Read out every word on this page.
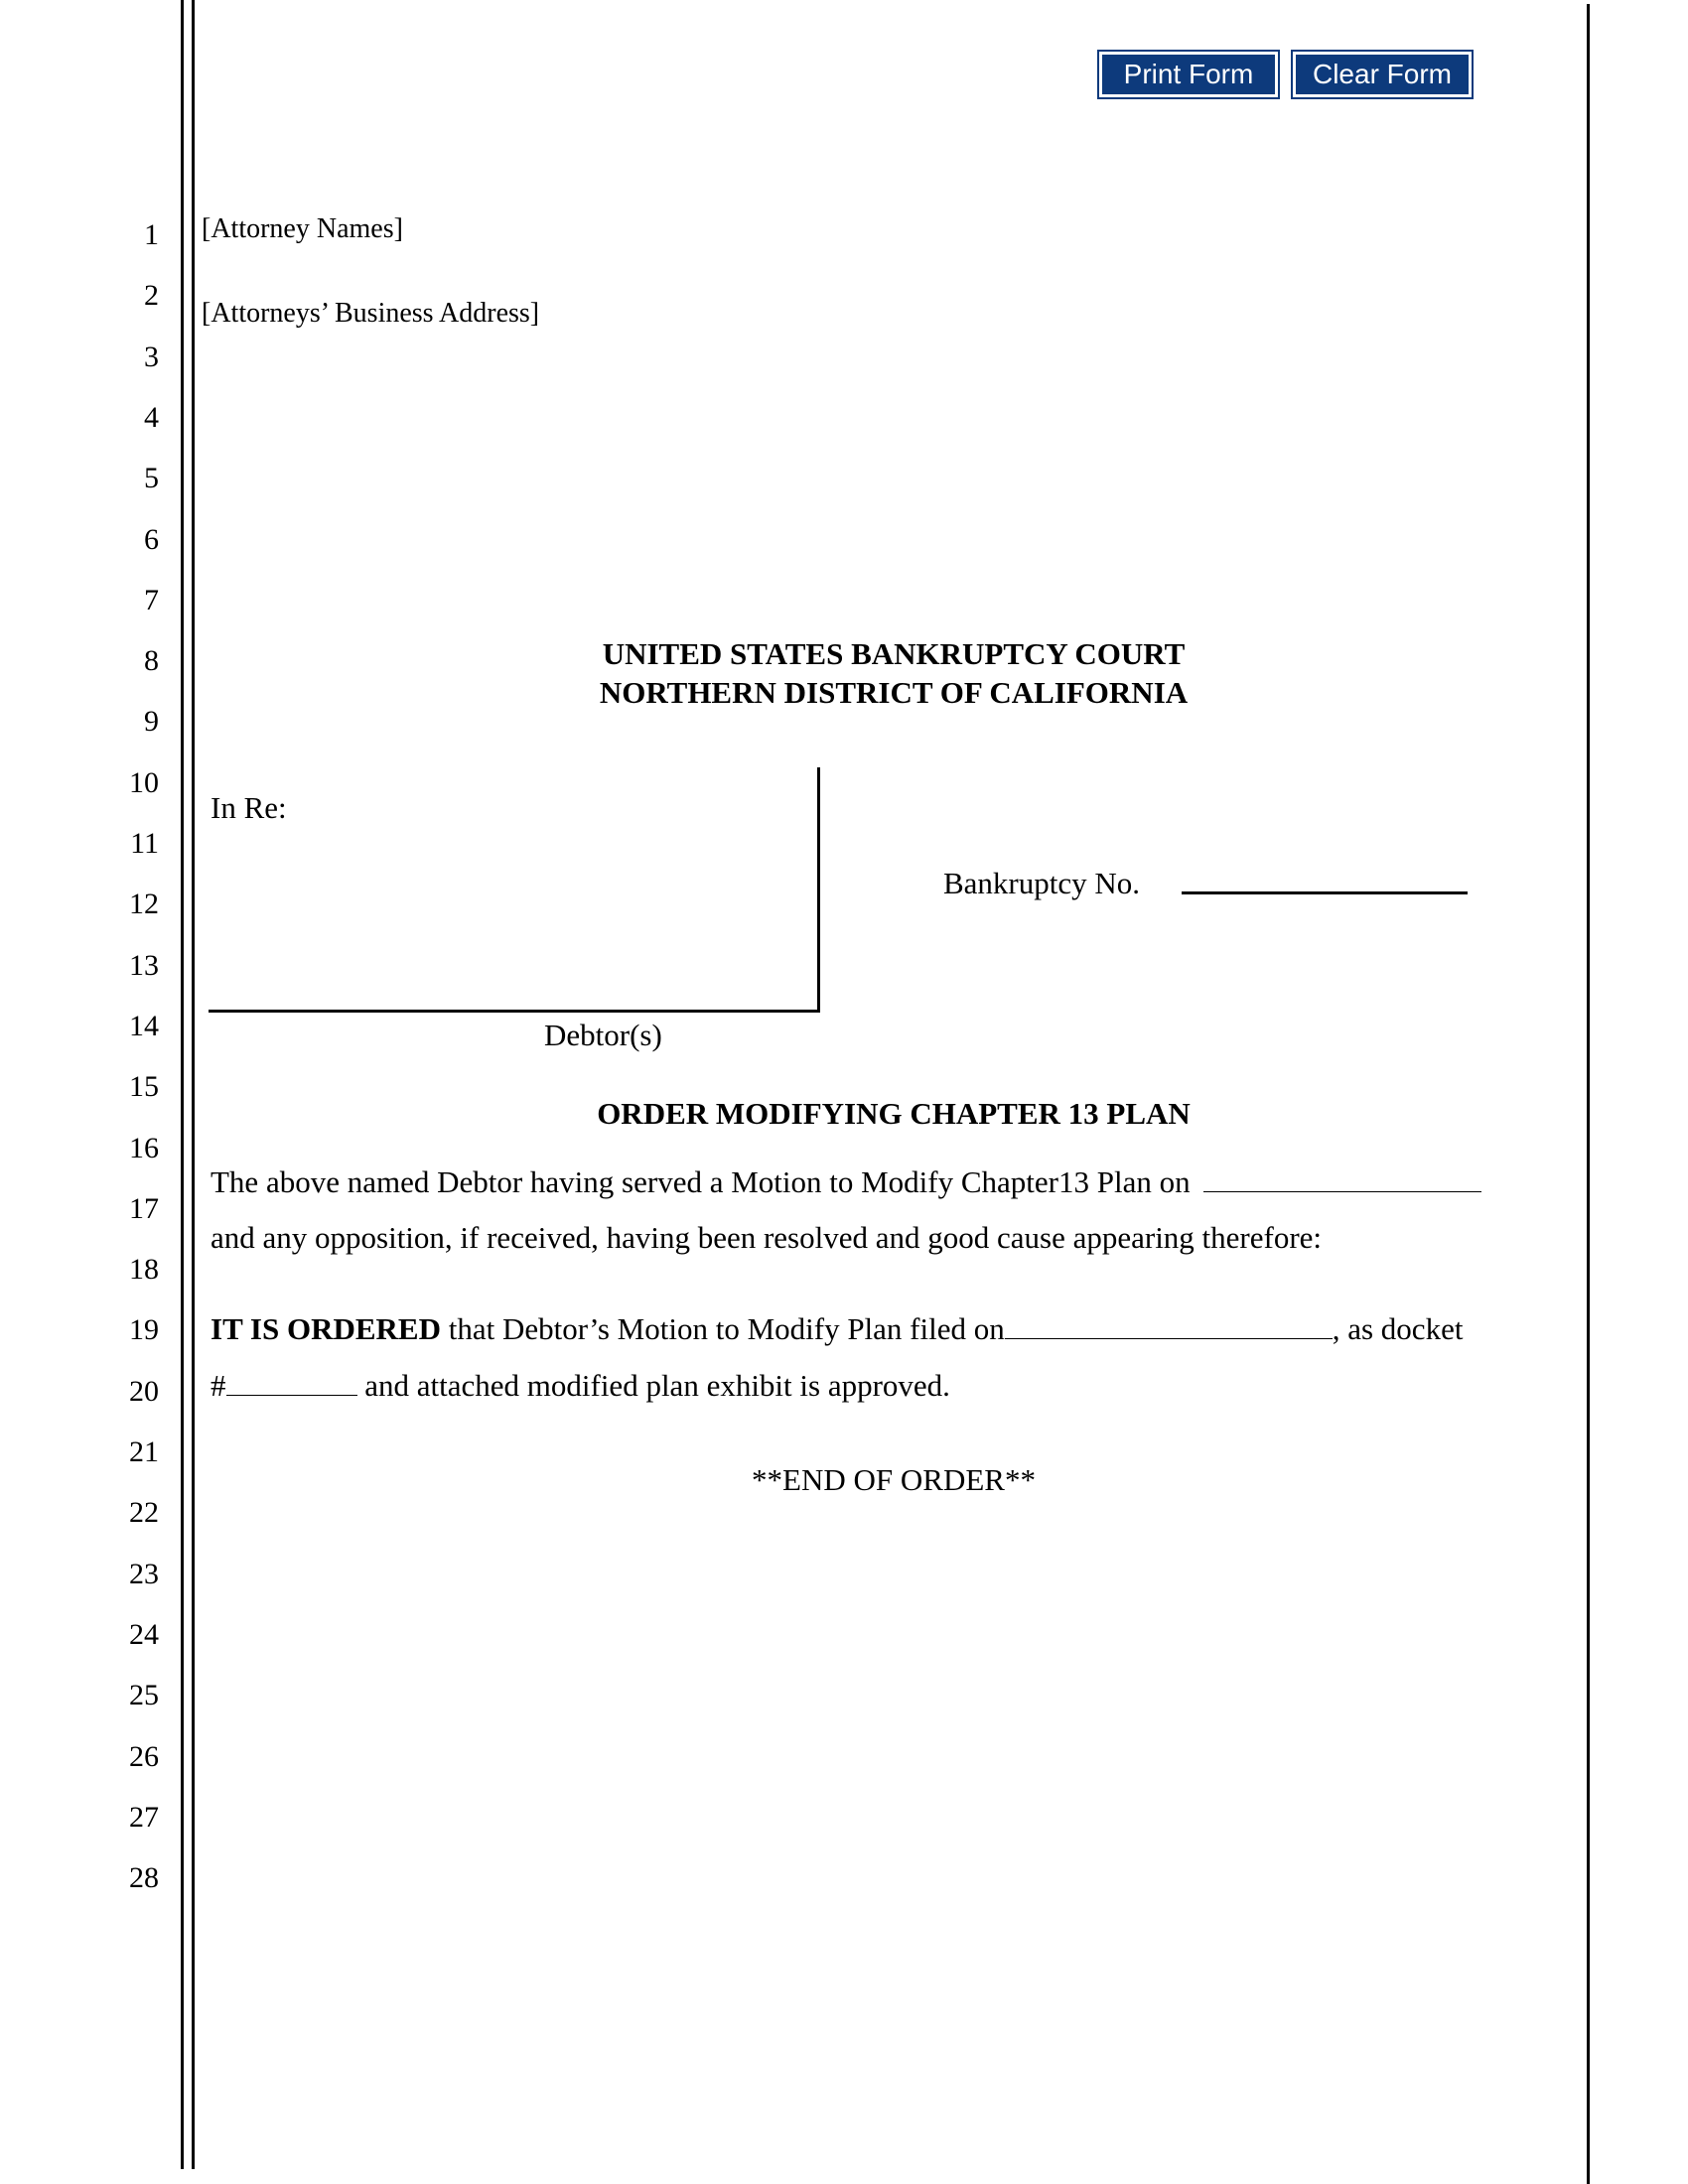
Print Form	Clear Form
1
2
3
4
5
6
7
8
9
10
11
12
13
14
15
16
17
18
19
20
21
22
23
24
25
26
27
28
[Attorney Names]
[Attorneys’ Business Address]
UNITED STATES BANKRUPTCY COURT
NORTHERN DISTRICT OF CALIFORNIA
In Re:
Debtor(s)
Bankruptcy No.
ORDER MODIFYING CHAPTER 13 PLAN
The above named Debtor having served a Motion to Modify Chapter13 Plan on
and any opposition, if received, having been resolved and good cause appearing therefore:
IT IS ORDERED that Debtor’s Motion to Modify Plan filed on	, as docket
#	and attached modified plan exhibit is approved.
**END OF ORDER**
